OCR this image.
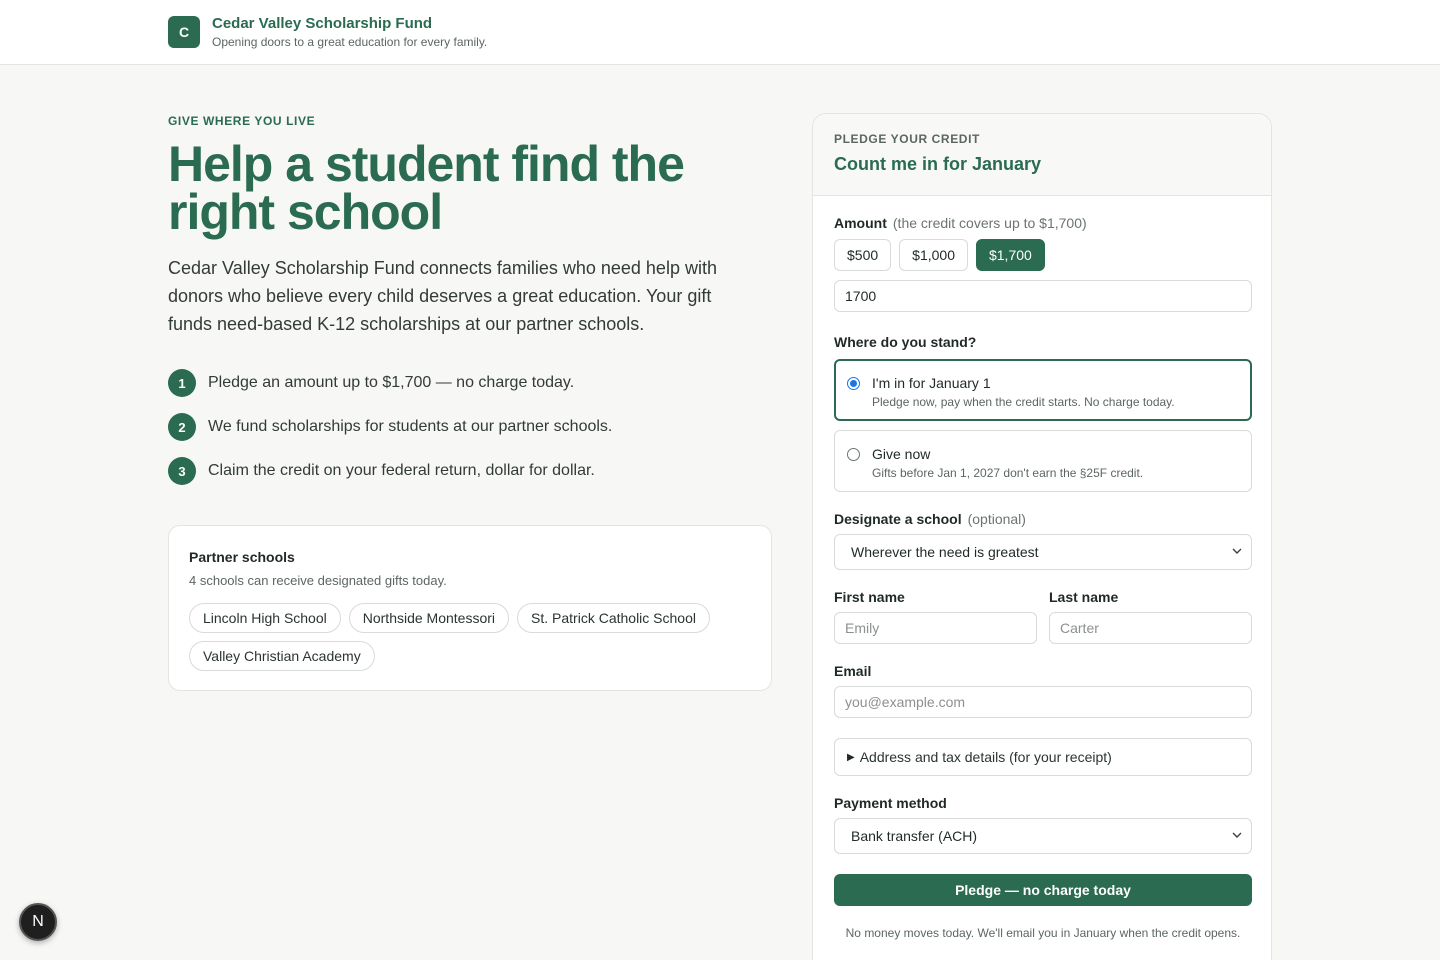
C	Cedar Valley Scholarship Fund
Opening doors to a great education for every family.
GIVE WHERE YOU LIVE
Help a student find the right school

Cedar Valley Scholarship Fund connects families who need help with donors who believe every child deserves a great education. Your gift funds need-based K-12 scholarships at our partner schools.

1	Pledge an amount up to $1,700 — no charge today.
2	We fund scholarships for students at our partner schools.
3	Claim the credit on your federal return, dollar for dollar.
Partner schools
4 schools can receive designated gifts today.
Lincoln High School	Northside Montessori	St. Patrick Catholic School
Valley Christian Academy
PLEDGE YOUR CREDIT
Count me in for January
Amount (the credit covers up to $1,700)
$500	$1,000	$1,700
1700
Where do you stand?
I'm in for January 1
Pledge now, pay when the credit starts. No charge today.
Give now
Gifts before Jan 1, 2027 don't earn the §25F credit.
Designate a school (optional)
Wherever the need is greatest
First name	Last name
Emily	Carter
Email
you@example.com
▶ Address and tax details (for your receipt)
Payment method
Bank transfer (ACH)
Pledge — no charge today
No money moves today. We'll email you in January when the credit opens.
N
